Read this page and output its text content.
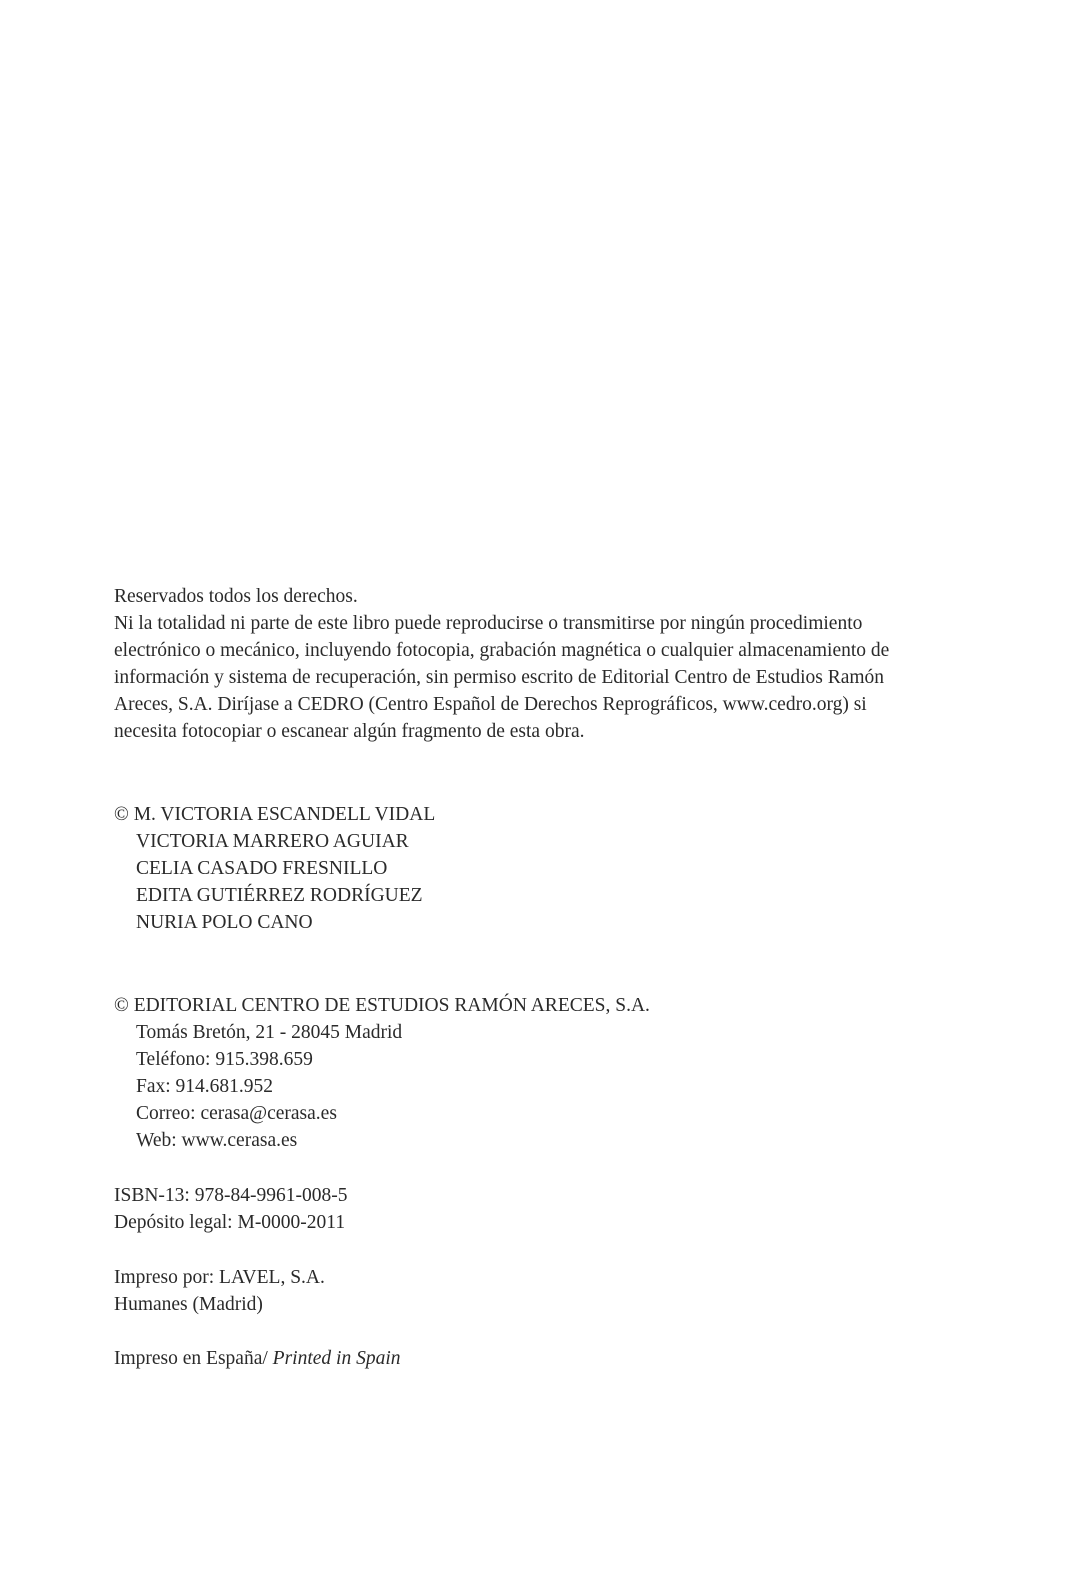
Reservados todos los derechos.
Ni la totalidad ni parte de este libro puede reproducirse o transmitirse por ningún procedimiento
electrónico o mecánico, incluyendo fotocopia, grabación magnética o cualquier almacenamiento de
información y sistema de recuperación, sin permiso escrito de Editorial Centro de Estudios Ramón
Areces, S.A. Diríjase a CEDRO (Centro Español de Derechos Reprográficos, www.cedro.org) si
necesita fotocopiar o escanear algún fragmento de esta obra.
© M. VICTORIA ESCANDELL VIDAL
VICTORIA MARRERO AGUIAR
CELIA CASADO FRESNILLO
EDITA GUTIÉRREZ RODRÍGUEZ
NURIA POLO CANO
© EDITORIAL CENTRO DE ESTUDIOS RAMÓN ARECES, S.A.
Tomás Bretón, 21 - 28045 Madrid
Teléfono: 915.398.659
Fax: 914.681.952
Correo: cerasa@cerasa.es
Web: www.cerasa.es
ISBN-13: 978-84-9961-008-5
Depósito legal: M-0000-2011
Impreso por: LAVEL, S.A.
Humanes (Madrid)
Impreso en España/ Printed in Spain
